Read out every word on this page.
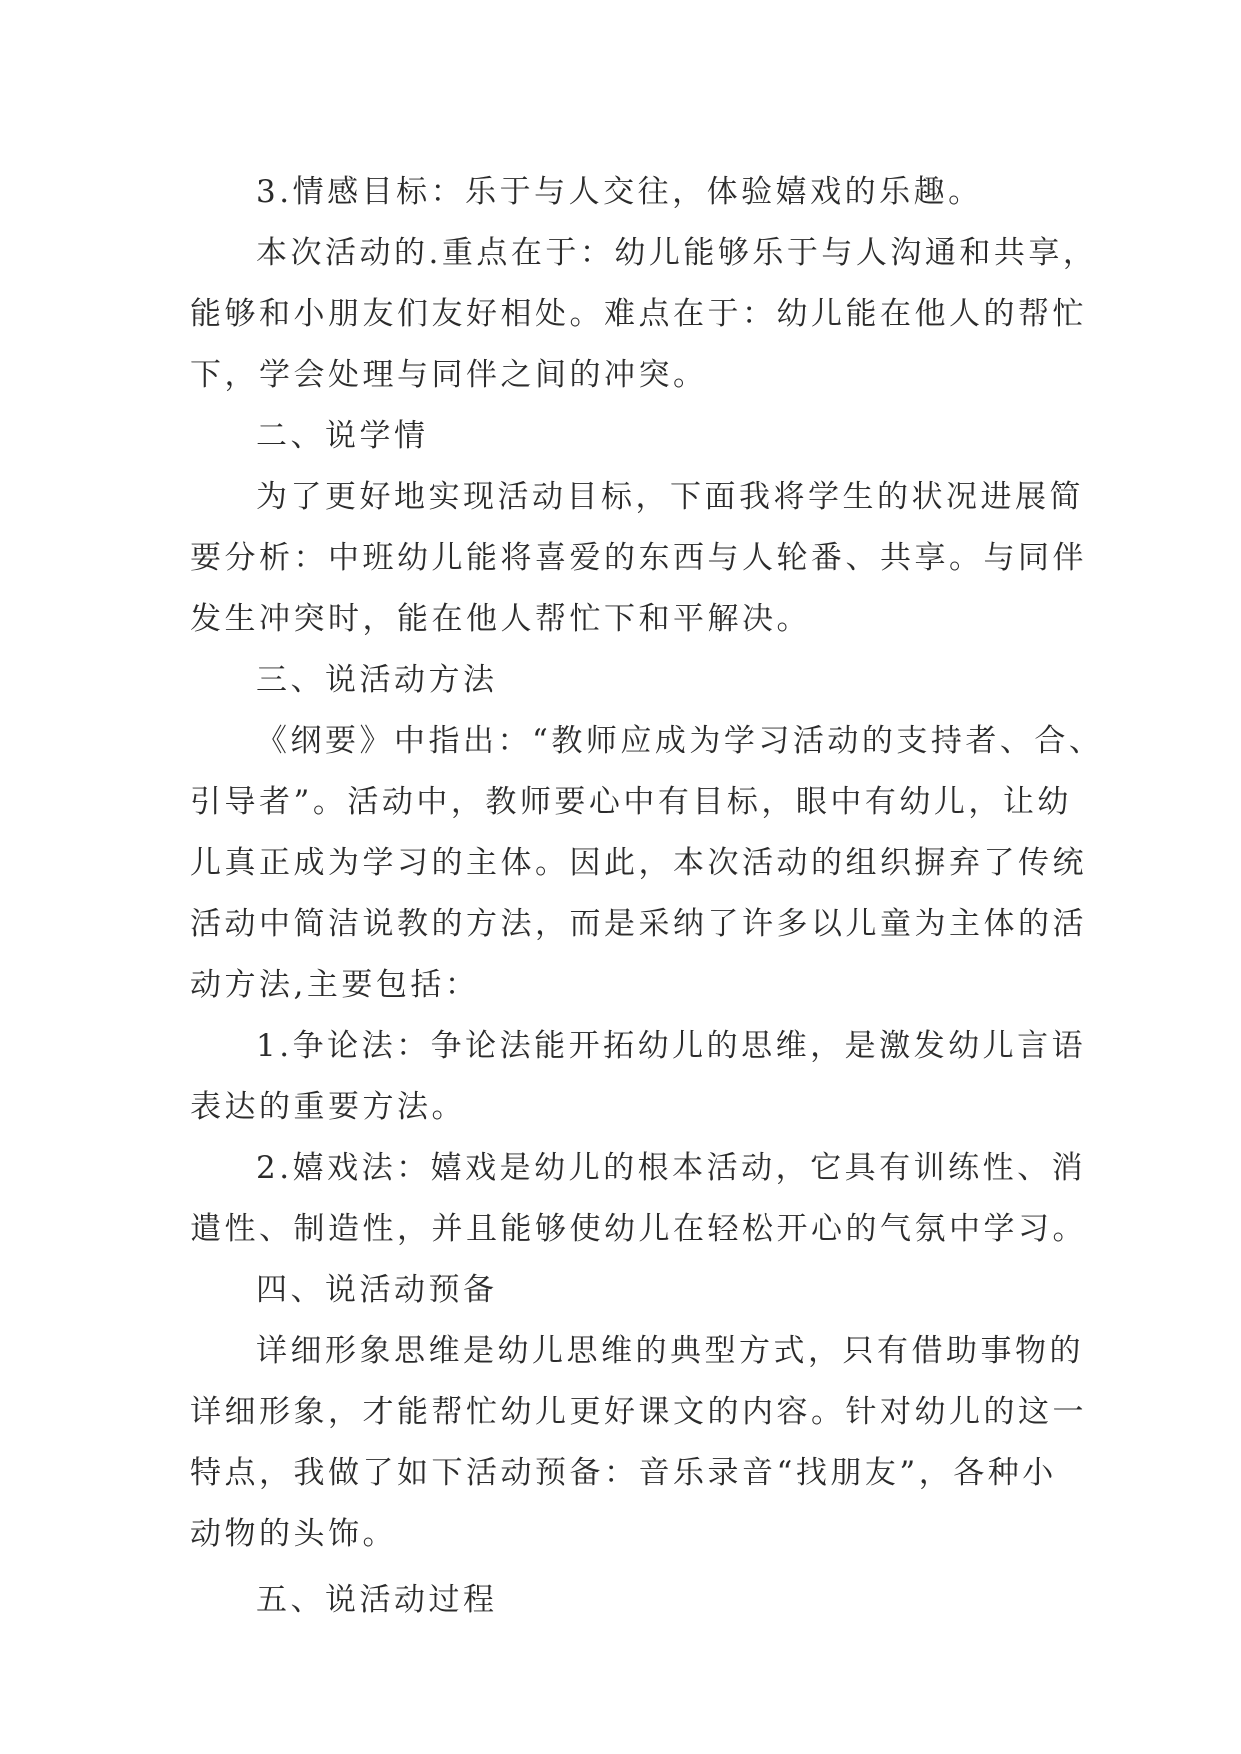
3.情感目标：乐于与人交往，体验嬉戏的乐趣。
本次活动的.重点在于：幼儿能够乐于与人沟通和共享，
能够和小朋友们友好相处。难点在于：幼儿能在他人的帮忙
下，学会处理与同伴之间的冲突。
二、说学情
为了更好地实现活动目标，下面我将学生的状况进展简
要分析：中班幼儿能将喜爱的东西与人轮番、共享。与同伴
发生冲突时，能在他人帮忙下和平解决。
三、说活动方法
《纲要》中指出：“教师应成为学习活动的支持者、合、
引导者”。活动中，教师要心中有目标，眼中有幼儿，让幼
儿真正成为学习的主体。因此，本次活动的组织摒弃了传统
活动中简洁说教的方法，而是采纳了许多以儿童为主体的活
动方法,主要包括：
1.争论法：争论法能开拓幼儿的思维，是激发幼儿言语
表达的重要方法。
2.嬉戏法：嬉戏是幼儿的根本活动，它具有训练性、消
遣性、制造性，并且能够使幼儿在轻松开心的气氛中学习。
四、说活动预备
详细形象思维是幼儿思维的典型方式，只有借助事物的
详细形象，才能帮忙幼儿更好课文的内容。针对幼儿的这一
特点，我做了如下活动预备：音乐录音“找朋友”，各种小
动物的头饰。
五、说活动过程
